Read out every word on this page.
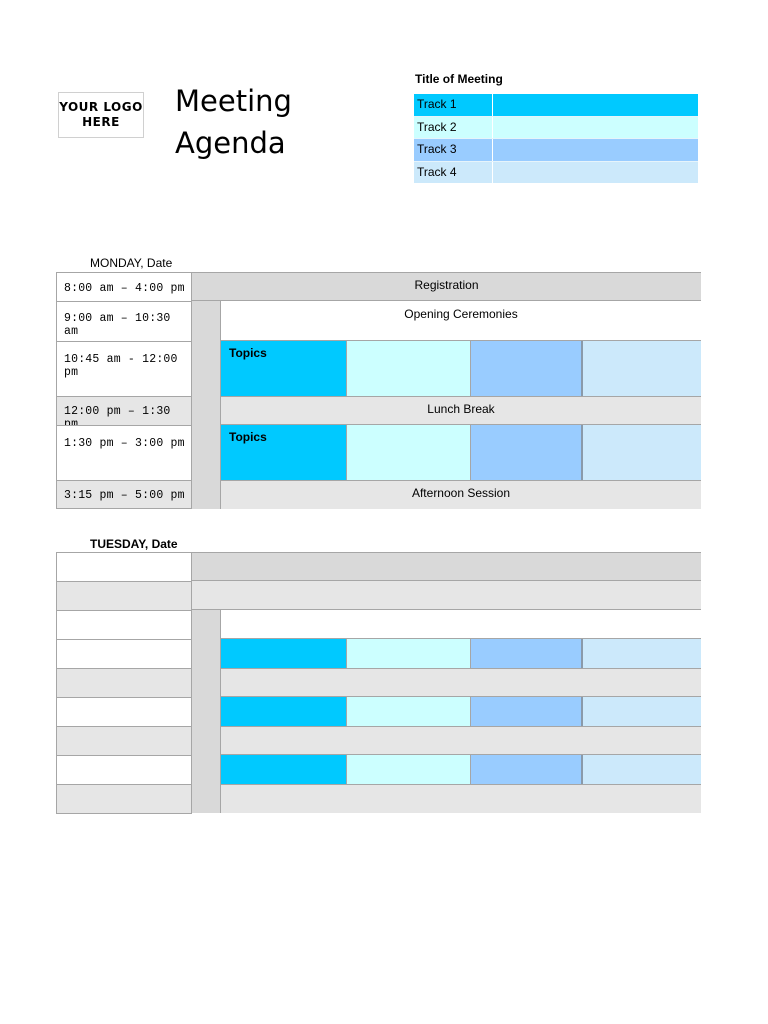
YOUR LOGO
HERE
Meeting
Agenda
Title of Meeting
Track 1
Track 2
Track 3
Track 4
MONDAY, Date
8:00 am – 4:00 pm
9:00 am – 10:30 am
10:45 am - 12:00 pm
12:00 pm – 1:30
1:30 pm – 3:00 pm
3:15 pm – 5:00 pm
Registration
Opening Ceremonies
Topics
Lunch Break
Topics
Afternoon Session
TUESDAY, Date
